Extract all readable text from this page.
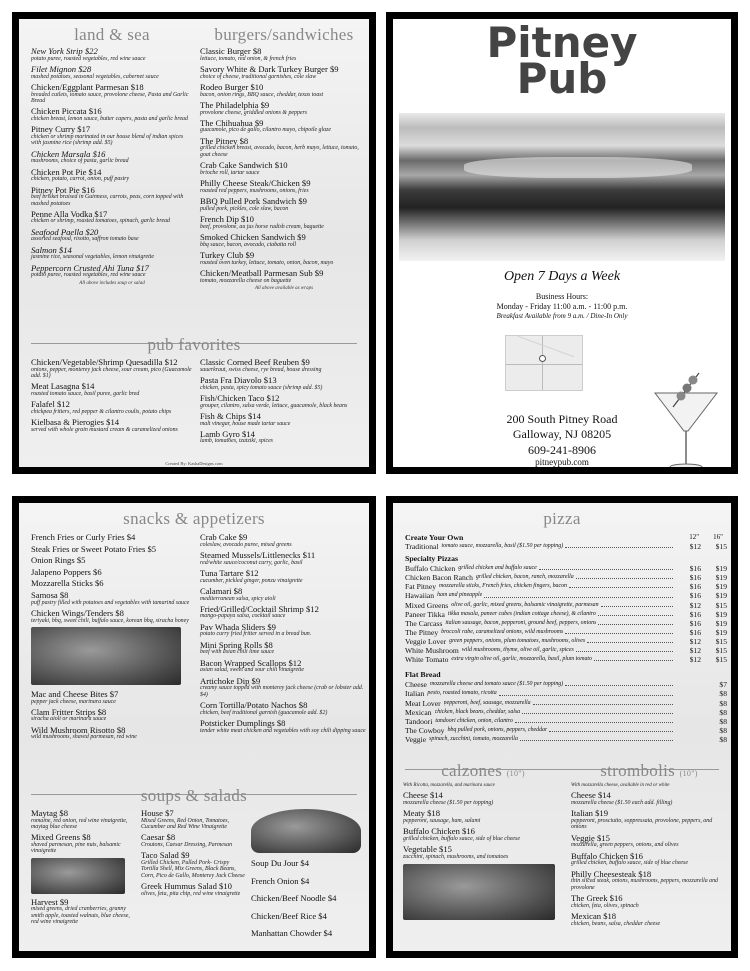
land & sea
New York Strip $22
potato puree, roasted vegetables, red wine sauce
Filet Mignon $28
mashed potatoes, seasonal vegetables, cabernet sauce
Chicken/Eggplant Parmesan $18
breaded cutlets, tomato sauce, provolone cheese, Pasta and Garlic Bread
Chicken Piccata $16
chicken breast, lemon sauce, butter capers, pasta and garlic bread
Pitney Curry $17
chicken or shrimp marinated in our house blend of indian spices with jasmine rice (shrimp add. $5)
Chicken Marsala $16
mushrooms, choice of pasta, garlic bread
Chicken Pot Pie $14
chicken, potato, carrot, onion, puff pastry
Pitney Pot Pie $16
beef brisket braised in Guinness, carrots, peas, corn topped with mashed potatoes
Penne Alla Vodka $17
chicken or shrimp, roasted tomatoes, spinach, garlic bread
Seafood Paella $20
assorted seafood, risotto, saffron tomato base
Salmon $14
jasmine rice, seasonal vegetables, lemon vinaigrette
Peppercorn Crusted Ahi Tuna $17
potato puree, roasted vegetables, red wine sauce
All above includes soup or salad
burgers/sandwiches
Classic Burger $8
lettuce, tomato, red onion, & french fries
Savory White & Dark Turkey Burger $9
choice of cheese, traditional garnishes, cole slaw
Rodeo Burger $10
bacon, onion rings, BBQ sauce, cheddar, texas toast
The Philadelphia $9
provolone cheese, griddled onions & peppers
The Chihuahua $9
guacamole, pico de gallo, cilantro mayo, chipotle glaze
The Pitney $8
grilled chicken breast, avocado, bacon, herb mayo, lettuce, tomato, goat cheese
Crab Cake Sandwich $10
brioche roll, tartar sauce
Philly Cheese Steak/Chicken $9
roasted red peppers, mushrooms, onions, fries
BBQ Pulled Pork Sandwich $9
pulled pork, pickles, cole slaw, bacon
French Dip $10
beef, provolone, au jus horse radish cream, baguette
Smoked Chicken Sandwich $9
bbq sauce, bacon, avocado, ciabatta roll
Turkey Club $9
roasted oven turkey, lettuce, tomato, onion, bacon, mayo
Chicken/Meatball Parmesan Sub $9
tomato, mozzarella cheese on baguette
All above available as wraps
pub favorites
Chicken/Vegetable/Shrimp Quesadilla $12
onions, pepper, monterey jack cheese, sour cream, pico (Guacamole add. $1)
Meat Lasagna $14
roasted tomato sauce, basil puree, garlic bred
Falafel $12
chickpea fritters, red pepper & cilantro coulis, potato chips
Kielbasa & Pierogies $14
served with whole grain mustard cream & caramelized onions
Classic Corned Beef Reuben $9
sauerkraut, swiss cheese, rye bread, house dressing
Pasta Fra Diavolo $13
chicken, pasta, spicy tomato sauce (shrimp add. $5)
Fish/Chicken Taco $12
grouper, cilantro, salsa verde, lettuce, guacamole, black beans
Fish & Chips $14
malt vinegar, house made tartar sauce
Lamb Gyro $14
lamb, tomatoes, tzatziki, spices
Created By: KashaDesigns.com
Pitney
Pub
Open 7 Days a Week
Business Hours:
Monday - Friday 11:00 a.m. - 11:00 p.m.
Breakfast Available from 9 a.m. / Dine-In Only
200 South Pitney Road
Galloway, NJ 08205
609-241-8906
pitneypub.com
snacks & appetizers
French Fries or Curly Fries $4
Steak Fries or Sweet Potato Fries $5
Onion Rings $5
Jalapeno Poppers $6
Mozzarella Sticks $6
Samosa $8
puff pastry filled with potatoes and vegetables with tamarind sauce
Chicken Wings/Tenders $8
teriyaki, bbq, sweet chili, buffalo sauce, korean bbq, siracha honey
Mac and Cheese Bites $7
pepper jack cheese, marinara sauce
Clam Fritter Strips $8
siracha aioli or marinara sauce
Wild Mushroom Risotto $8
wild mushrooms, shaved parmesan, red wine
Crab Cake $9
coleslaw, avocado puree, mixed greens
Steamed Mussels/Littlenecks $11
red/white sauce/coconut curry, garlic, basil
Tuna Tartare $12
cucumber, pickled ginger, ponzu vinaigrette
Calamari $8
mediterranean salsa, spicy aioli
Fried/Grilled/Cocktail Shrimp $12
mango-papaya salsa, cocktail sauce
Pav Whada Sliders $9
potato curry fried fritter served in a bread bun.
Mini Spring Rolls $8
beef with asian chili lime sauce
Bacon Wrapped Scallops $12
asian salad, sweet and sour chili vinaigrette
Artichoke Dip $9
creamy sauce topped with monterey jack cheese (crab or lobster add. $4)
Corn Tortilla/Potato Nachos $8
chicken, beef traditional garnish (guacamole add. $2)
Potsticker Dumplings $8
tender white meat chicken and vegetables with soy chili dipping sauce
soups & salads
Maytag $8
romaine, red onion, red wine vinaigrette, maytag blue cheese
Mixed Greens $8
shaved parmesan, pine nuts, balsamic vinaigrette
Harvest $9
mixed greens, dried cranberries, granny smith apple, toasted walnuts, blue cheese, red wine vinaigrette
House $7
Mixed Greens, Red Onion, Tomatoes, Cucumber and Red Wine Vinaigrette
Caesar $8
Croutons, Caesar Dressing, Parmesan
Taco Salad $9
Grilled Chicken, Pulled Pork- Crispy Tortilla Shell, Mix Greens, Black Beans, Corn, Pico de Gallo, Monterey Jack Cheese
Greek Hummus Salad $10
olives, feta, pita chip, red wine vinaigrette
Soup Du Jour $4
French Onion $4
Chicken/Beef Noodle $4
Chicken/Beef Rice $4
Manhattan Chowder $4
pizza
Create Your Own	12" 16"
Traditional tomato sauce, mozzarella, basil ($1.50 per topping)	$12	$15
Specialty Pizzas
Buffalo Chicken grilled chicken and buffalo sauce	$16	$19
Chicken Bacon Ranch grilled chicken, bacon, ranch, mozzarella	$16	$19
Fat Pitney mozzarella sticks, French fries, chicken fingers, bacon	$16	$19
Hawaiian ham and pineapple	$16	$19
Mixed Greens olive oil, garlic, mixed greens, balsamic vinaigrette, parmesan	$12	$15
Paneer Tikka tikka masala, paneer cubes (indian cottage cheese), & cilantro	$16	$19
The Carcass italian sausage, bacon, pepperoni, ground beef, peppers, onions	$16	$19
The Pitney broccoli rabe, caramelized onions, wild mushrooms	$16	$19
Veggie Lover green peppers, onions, plum tomatoes, mushrooms, olives	$12	$15
White Mushroom wild mushrooms, thyme, olive oil, garlic, spices	$12	$15
White Tomato extra virgin olive oil, garlic, mozzarella, basil, plum tomato	$12	$15
Flat Bread
Cheese mozzarella cheese and tomato sauce ($1.50 per topping)	$7
Italian pesto, roasted tomato, ricotta	$8
Meat Lover pepperoni, beef, sausage, mozzarella	$8
Mexican chicken, black beans, cheddar, salsa	$8
Tandoori tandoori chicken, onion, cilantro	$8
The Cowboy bbq pulled pork, onions, peppers, cheddar	$8
Veggie spinach, zucchini, tomato, mozzarella	$8
calzones (10")
With Ricotta, mozzarella, and marinara sauce
Cheese $14
mozzarella cheese ($1.50 per topping)
Meaty $18
pepperoni, sausage, ham, salami
Buffalo Chicken $16
grilled chicken, buffalo sauce, side of blue cheese
Vegetable $15
zucchini, spinach, mushrooms, and tomatoes
strombolis (10")
With mozzarella cheese, available in red or white
Cheese $14
mozzarella cheese ($1.50 each add. filling)
Italian $19
pepperoni, prosciutto, soppressata, provolone, peppers, and onions
Veggie $15
mozzarella, green peppers, onions, and olives
Buffalo Chicken $16
grilled chicken, buffalo sauce, side of blue cheese
Philly Cheesesteak $18
thin sliced steak, onions, mushrooms, peppers, mozzarella and provolone
The Greek $16
chicken, feta, olives, spinach
Mexican $18
chicken, beans, salsa, cheddar cheese
